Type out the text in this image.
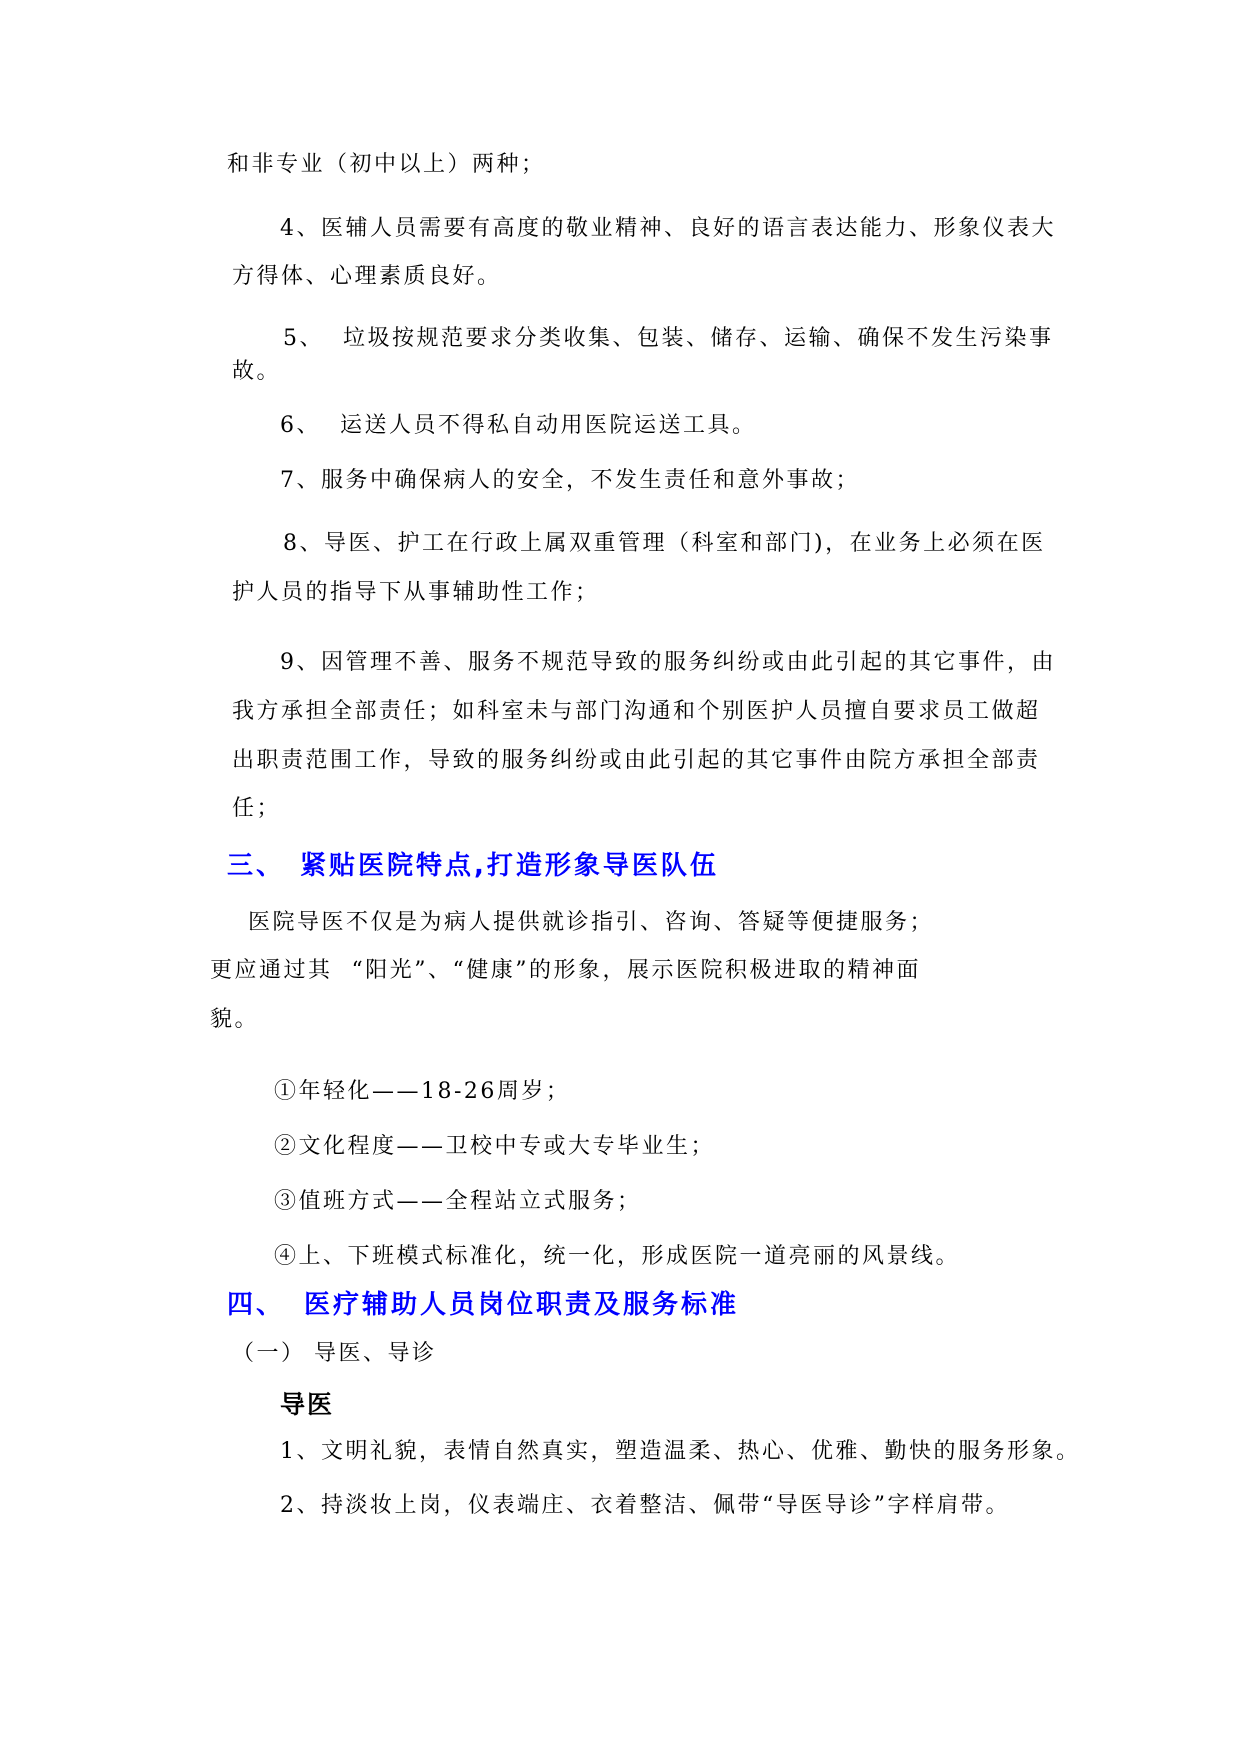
和非专业（初中以上）两种；
4、医辅人员需要有高度的敬业精神、良好的语言表达能力、形象仪表大
方得体、心理素质良好。
5、  垃圾按规范要求分类收集、包装、储存、运输、确保不发生污染事
故。
6、  运送人员不得私自动用医院运送工具。
7、服务中确保病人的安全，不发生责任和意外事故；
8、导医、护工在行政上属双重管理（科室和部门)，在业务上必须在医
护人员的指导下从事辅助性工作；
9、因管理不善、服务不规范导致的服务纠纷或由此引起的其它事件，由
我方承担全部责任；如科室未与部门沟通和个别医护人员擅自要求员工做超
出职责范围工作，导致的服务纠纷或由此引起的其它事件由院方承担全部责
任；
三、 紧贴医院特点,打造形象导医队伍
医院导医不仅是为病人提供就诊指引、咨询、答疑等便捷服务；
更应通过其  “阳光”、“健康”的形象，展示医院积极进取的精神面
貌。
①年轻化——18-26周岁；
②文化程度——卫校中专或大专毕业生；
③值班方式——全程站立式服务；
④上、下班模式标准化，统一化，形成医院一道亮丽的风景线。
四、 医疗辅助人员岗位职责及服务标准
（一） 导医、导诊
导医
1、文明礼貌，表情自然真实，塑造温柔、热心、优雅、勤快的服务形象。
2、持淡妆上岗，仪表端庄、衣着整洁、佩带“导医导诊”字样肩带。
